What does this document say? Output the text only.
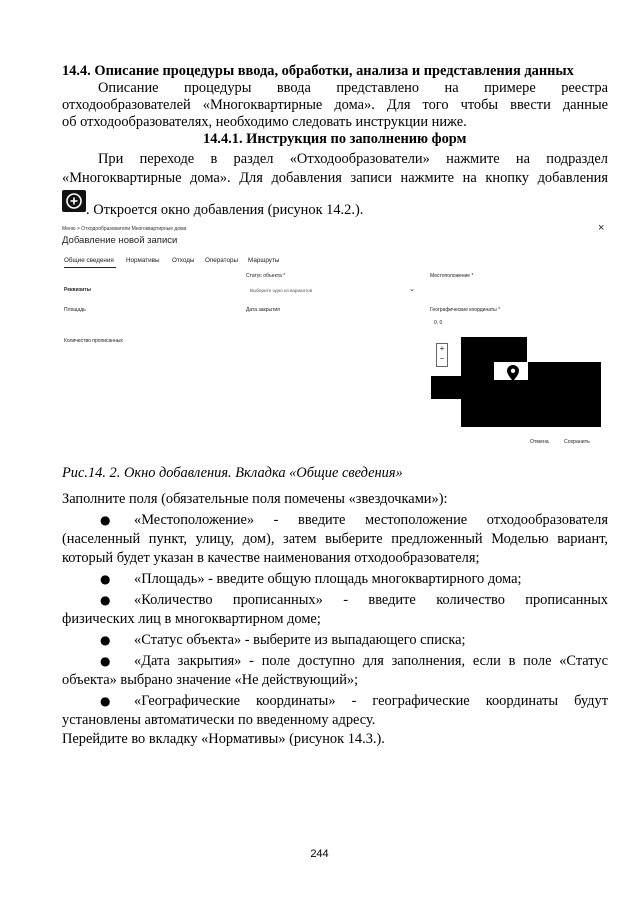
14.4. Описание процедуры ввода, обработки, анализа и представления данных
Описание процедуры ввода представлено на примере реестра
отходообразователей «Многоквартирные дома». Для того чтобы ввести данные
об отходообразователях, необходимо следовать инструкции ниже.
14.4.1. Инструкция по заполнению форм
При переходе в раздел «Отходообразователи» нажмите на подраздел
«Многоквартирные дома». Для добавления записи нажмите на кнопку добавления
. Откроется окно добавления (рисунок 14.2.).
Меню > Отходообразователи Многоквартирные дома	×
Добавление новой записи
Общие сведения Нормативы Отходы Операторы Маршруты
Статус объекта *	Местоположение *
Реквизиты	Выберите одно из вариантов	⌄
Площадь	Дата закрытия	Географические координаты *
0, 0
Количество прописанных
+
−
Отмена	Сохранить
Рис.14. 2. Окно добавления. Вкладка «Общие сведения»
Заполните поля (обязательные поля помечены «звездочками»):
● «Местоположение» - введите местоположение отходообразователя
(населенный пункт, улицу, дом), затем выберите предложенный Моделью вариант,
который будет указан в качестве наименования отходообразователя;
● «Площадь» - введите общую площадь многоквартирного дома;
● «Количество прописанных» - введите количество прописанных
физических лиц в многоквартирном доме;
● «Статус объекта» - выберите из выпадающего списка;
● «Дата закрытия» - поле доступно для заполнения, если в поле «Статус
объекта» выбрано значение «Не действующий»;
● «Географические координаты» - географические координаты будут
установлены автоматически по введенному адресу.
Перейдите во вкладку «Нормативы» (рисунок 14.3.).
244
